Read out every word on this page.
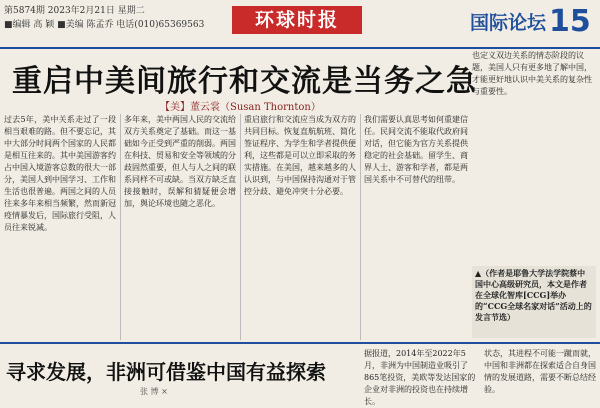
第5874期 2023年2月21日 星期二
■编辑 高 颖 ■美编 陈孟乔 电话(010)65369563	环球时报	国际论坛 15
重启中美间旅行和交流是当务之急
【美】董云裳（Susan Thornton）
过去5年，美中关系走过了一段相当艰难的路。但不要忘记，其中大部分时间两个国家的人民都是相互往来的。其中美国游客约占中国入境游客总数的很大一部分，美国人到中国学习、工作和生活也很普遍。两国之间的人员往来多年来相当频繁，然而新冠疫情暴发后，国际旅行受阻，人员往来锐减。
多年来，美中两国人民的交流给双方关系奠定了基础。而这一基础如今正受到严重的削弱。两国在科技、贸易和安全等领域的分歧固然重要，但人与人之间的联系同样不可或缺。当双方缺乏直接接触时，误解和猜疑便会增加，舆论环境也随之恶化。
重启旅行和交流应当成为双方的共同目标。恢复直航航班、简化签证程序、为学生和学者提供便利，这些都是可以立即采取的务实措施。在美国，越来越多的人认识到，与中国保持沟通对于管控分歧、避免冲突十分必要。
我们需要认真思考如何重建信任。民间交流不能取代政府间对话，但它能为官方关系提供稳定的社会基础。留学生、商界人士、游客和学者，都是两国关系中不可替代的纽带。

也定义双边关系的情态阶段的议题，美国人只有更多地了解中国，才能更好地认识中美关系的复杂性与重要性。

▲（作者是耶鲁大学法学院蔡中国中心高级研究员，本文是作者在全球化智库[CCG]举办的“CCG全球名家对话”活动上的发言节选）
寻求发展，非洲可借鉴中国有益探索
张 博 ×
据报道，2014年至2022年5月，非洲为中国制造业吸引了865笔投资，美欧等发达国家的企业对非洲的投资也在持续增长。
状态，其进程不可能一蹴而就，中国和非洲都在探索适合自身国情的发展道路，需要不断总结经验。
